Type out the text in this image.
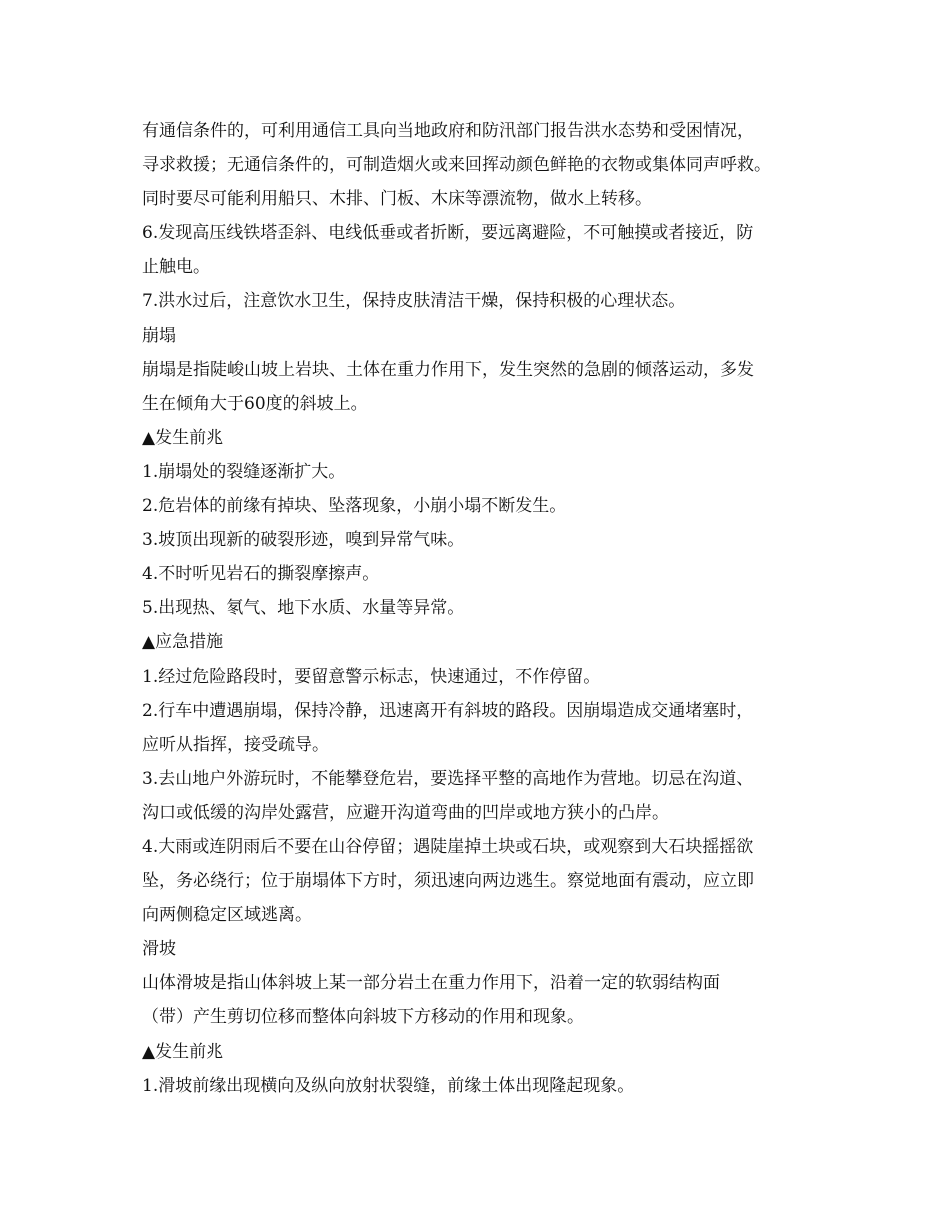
有通信条件的，可利用通信工具向当地政府和防汛部门报告洪水态势和受困情况，
寻求救援；无通信条件的，可制造烟火或来回挥动颜色鲜艳的衣物或集体同声呼救。
同时要尽可能利用船只、木排、门板、木床等漂流物，做水上转移。
6.发现高压线铁塔歪斜、电线低垂或者折断，要远离避险，不可触摸或者接近，防
止触电。
7.洪水过后，注意饮水卫生，保持皮肤清洁干燥，保持积极的心理状态。
崩塌
崩塌是指陡峻山坡上岩块、土体在重力作用下，发生突然的急剧的倾落运动，多发
生在倾角大于60度的斜坡上。
▲发生前兆
1.崩塌处的裂缝逐渐扩大。
2.危岩体的前缘有掉块、坠落现象，小崩小塌不断发生。
3.坡顶出现新的破裂形迹，嗅到异常气味。
4.不时听见岩石的撕裂摩擦声。
5.出现热、氡气、地下水质、水量等异常。
▲应急措施
1.经过危险路段时，要留意警示标志，快速通过，不作停留。
2.行车中遭遇崩塌，保持冷静，迅速离开有斜坡的路段。因崩塌造成交通堵塞时，
应听从指挥，接受疏导。
3.去山地户外游玩时，不能攀登危岩，要选择平整的高地作为营地。切忌在沟道、
沟口或低缓的沟岸处露营，应避开沟道弯曲的凹岸或地方狭小的凸岸。
4.大雨或连阴雨后不要在山谷停留；遇陡崖掉土块或石块，或观察到大石块摇摇欲
坠，务必绕行；位于崩塌体下方时，须迅速向两边逃生。察觉地面有震动，应立即
向两侧稳定区域逃离。
滑坡
山体滑坡是指山体斜坡上某一部分岩土在重力作用下，沿着一定的软弱结构面
（带）产生剪切位移而整体向斜坡下方移动的作用和现象。
▲发生前兆
1.滑坡前缘出现横向及纵向放射状裂缝，前缘土体出现隆起现象。
